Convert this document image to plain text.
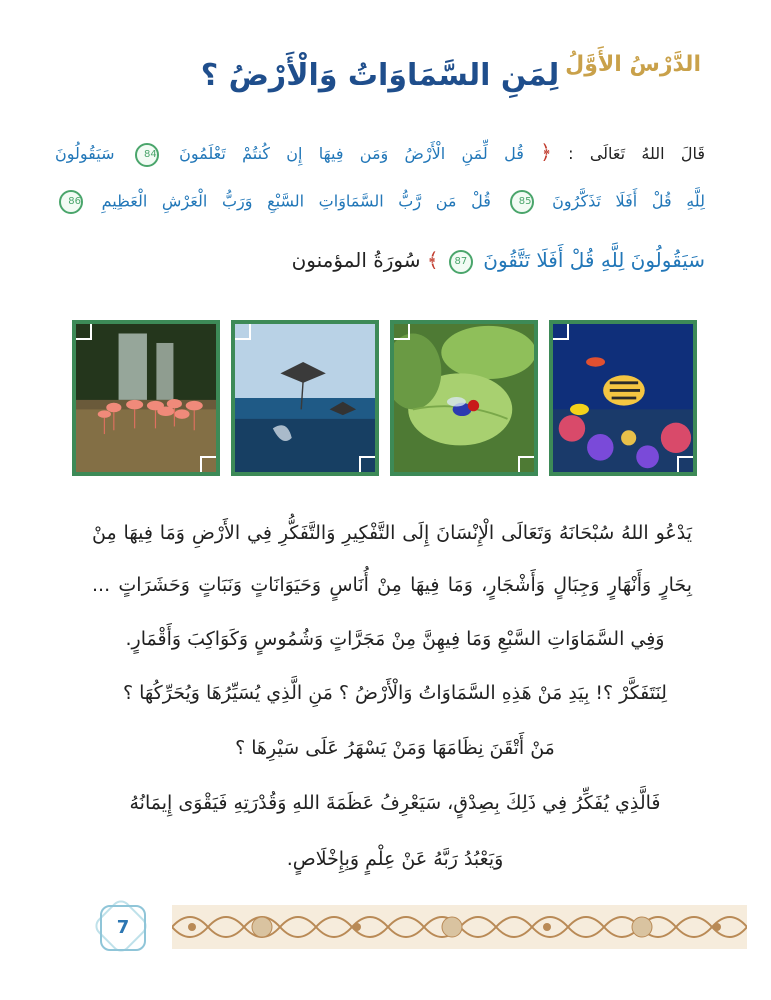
الدَّرْسُ الأَوَّلُ
لِمَنِ السَّمَاوَاتُ وَالْأَرْضُ ؟
قَالَ اللهُ تَعَالَى : ﴿ قُل لِّمَنِ الْأَرْضُ وَمَن فِيهَا إِن كُنتُمْ تَعْلَمُونَ 84 سَيَقُولُونَ
لِلَّهِ قُلْ أَفَلَا تَذَكَّرُونَ 85 قُلْ مَن رَّبُّ السَّمَاوَاتِ السَّبْعِ وَرَبُّ الْعَرْشِ الْعَظِيمِ 86
سَيَقُولُونَ لِلَّهِ قُلْ أَفَلَا تَتَّقُونَ 87 ﴾ سُورَةُ المؤمنون
يَدْعُو اللهُ سُبْحَانَهُ وَتَعَالَى الْإِنْسَانَ إِلَى التَّفْكِيرِ وَالتَّفَكُّرِ فِي الأَرْضِ وَمَا فِيهَا مِنْ
بِحَارٍ وَأَنْهَارٍ وَجِبَالٍ وَأَشْجَارٍ، وَمَا فِيهَا مِنْ أُنَاسٍ وَحَيَوَانَاتٍ وَنَبَاتٍ وَحَشَرَاتٍ ...
وَفِي السَّمَاوَاتِ السَّبْعِ وَمَا فِيهِنَّ مِنْ مَجَرَّاتٍ وَشُمُوسٍ وَكَوَاكِبَ وَأَقْمَارٍ.
لِنَتَفَكَّرْ ؟! بِيَدِ مَنْ هَذِهِ السَّمَاوَاتُ وَالْأَرْضُ ؟ مَنِ الَّذِي يُسَيِّرُهَا وَيُحَرِّكُهَا ؟
مَنْ أَتْقَنَ نِظَامَهَا وَمَنْ يَسْهَرُ عَلَى سَيْرِهَا ؟
فَالَّذِي يُفَكِّرُ فِي ذَلِكَ بِصِدْقٍ، سَيَعْرِفُ عَظَمَةَ اللهِ وَقُدْرَتِهِ فَيَقْوَى إِيمَانُهُ
وَيَعْبُدُ رَبَّهُ عَنْ عِلْمٍ وَبِإِخْلَاصٍ.
7
